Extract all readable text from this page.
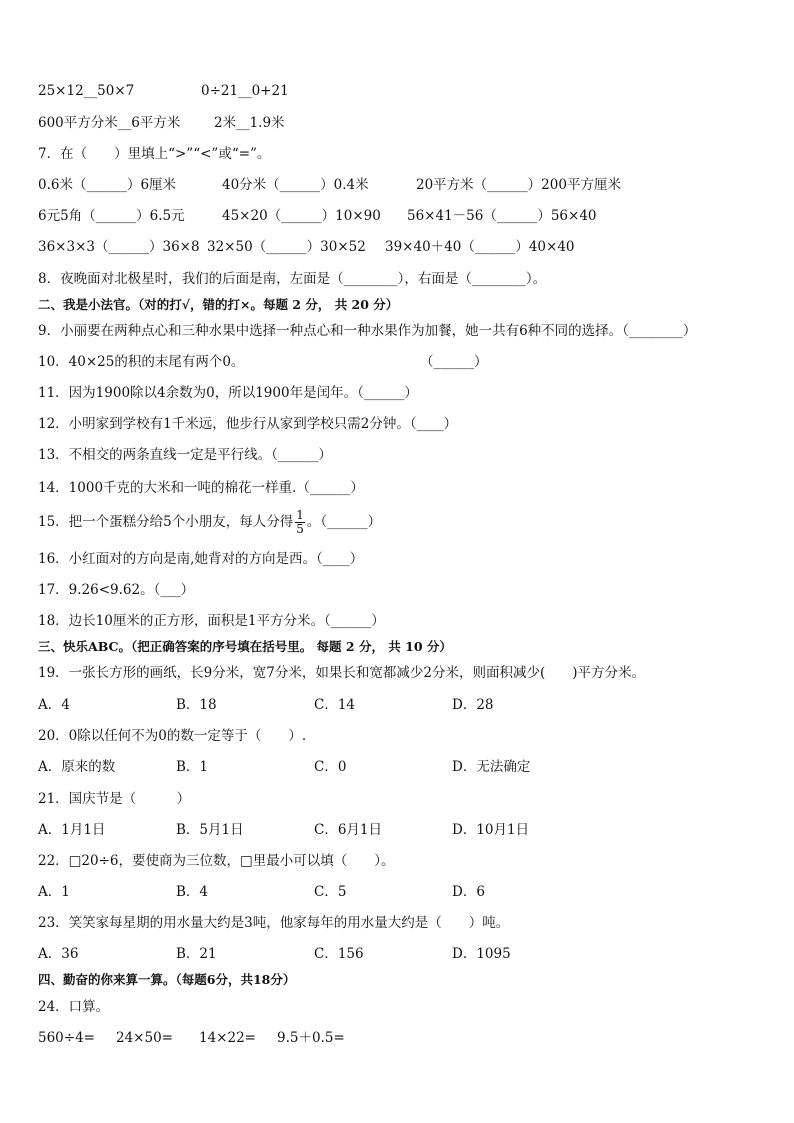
25×12__50×7	0÷21__0+21
600平方分米__6平方米 2米__1.9米
7．在（　　）里填上“>”“<”或“=”。
0.6米（______）6厘米	40分米（______）0.4米	20平方米（______）200平方厘米
6元5角（______）6.5元	45×20（______）10×90 56×41－56（______）56×40
36×3×3（______）36×8 32×50（______）30×52 39×40＋40（______）40×40
8．夜晚面对北极星时，我们的后面是南，左面是（________），右面是（________）。
二、我是小法官。（对的打√，错的打×。每题 2 分， 共 20 分）
9．小丽要在两种点心和三种水果中选择一种点心和一种水果作为加餐，她一共有6种不同的选择。（________）
10．40×25的积的末尾有两个0。	（______）
11．因为1900除以4余数为0，所以1900年是闰年。（______）
12．小明家到学校有1千米远，他步行从家到学校只需2分钟。（____）
13．不相交的两条直线一定是平行线。（______）
14．1000千克的大米和一吨的棉花一样重.（______）
15．把一个蛋糕分给5个小朋友，每人分得 $\frac{1}{5}$ 。（______）
16．小红面对的方向是南,她背对的方向是西。（____）
17．9.26<9.62。（___）
18．边长10厘米的正方形，面积是1平方分米。（______）
三、快乐ABC。（把正确答案的序号填在括号里。 每题 2 分， 共 10 分）
19．一张长方形的画纸，长9分米，宽7分米，如果长和宽都减少2分米，则面积减少(　　)平方分米。
A．4	B．18	C．14	D．28
20．0除以任何不为0的数一定等于（　　）.
A．原来的数	B．1	C．0	D．无法确定
21．国庆节是（　　　）
A．1月1日	B．5月1日	C．6月1日	D．10月1日
22．□20÷6，要使商为三位数，□里最小可以填（　　）。
A．1	B．4	C．5	D．6
23．笑笑家每星期的用水量大约是3吨，他家每年的用水量大约是（　　）吨。
A．36	B．21	C．156	D．1095
四、勤奋的你来算一算。（每题6分，共18分）
24．口算。
560÷4= 24×50= 14×22= 9.5＋0.5=
